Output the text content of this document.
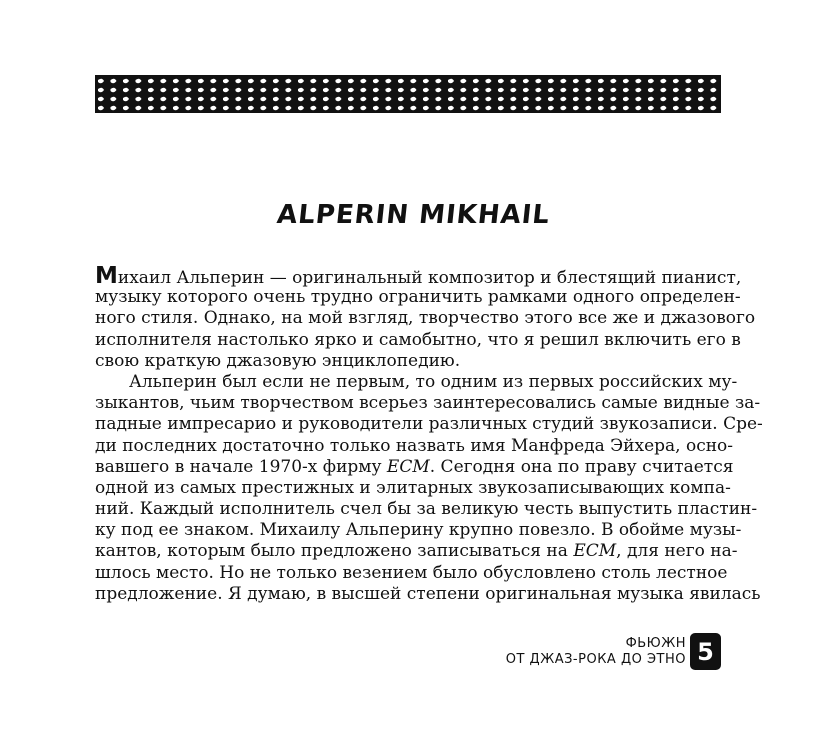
ALPERIN MIKHAIL
Михаил Альперин — оригинальный композитор и блестящий пианист,
музыку которого очень трудно ограничить рамками одного определен-
ного стиля. Однако, на мой взгляд, творчество этого все же и джазового
исполнителя настолько ярко и самобытно, что я решил включить его в
свою краткую джазовую энциклопедию.
Альперин был если не первым, то одним из первых российских му-
зыкантов, чьим творчеством всерьез заинтересовались самые видные за-
падные импресарио и руководители различных студий звукозаписи. Сре-
ди последних достаточно только назвать имя Манфреда Эйхера, осно-
вавшего в начале 1970-х фирму ECM. Сегодня она по праву считается
одной из самых престижных и элитарных звукозаписывающих компа-
ний. Каждый исполнитель счел бы за великую честь выпустить пластин-
ку под ее знаком. Михаилу Альперину крупно повезло. В обойме музы-
кантов, которым было предложено записываться на ECM, для него на-
шлось место. Но не только везением было обусловлено столь лестное
предложение. Я думаю, в высшей степени оригинальная музыка явилась
ФЬЮЖН
ОТ ДЖАЗ-РОКА ДО ЭТНО 5
